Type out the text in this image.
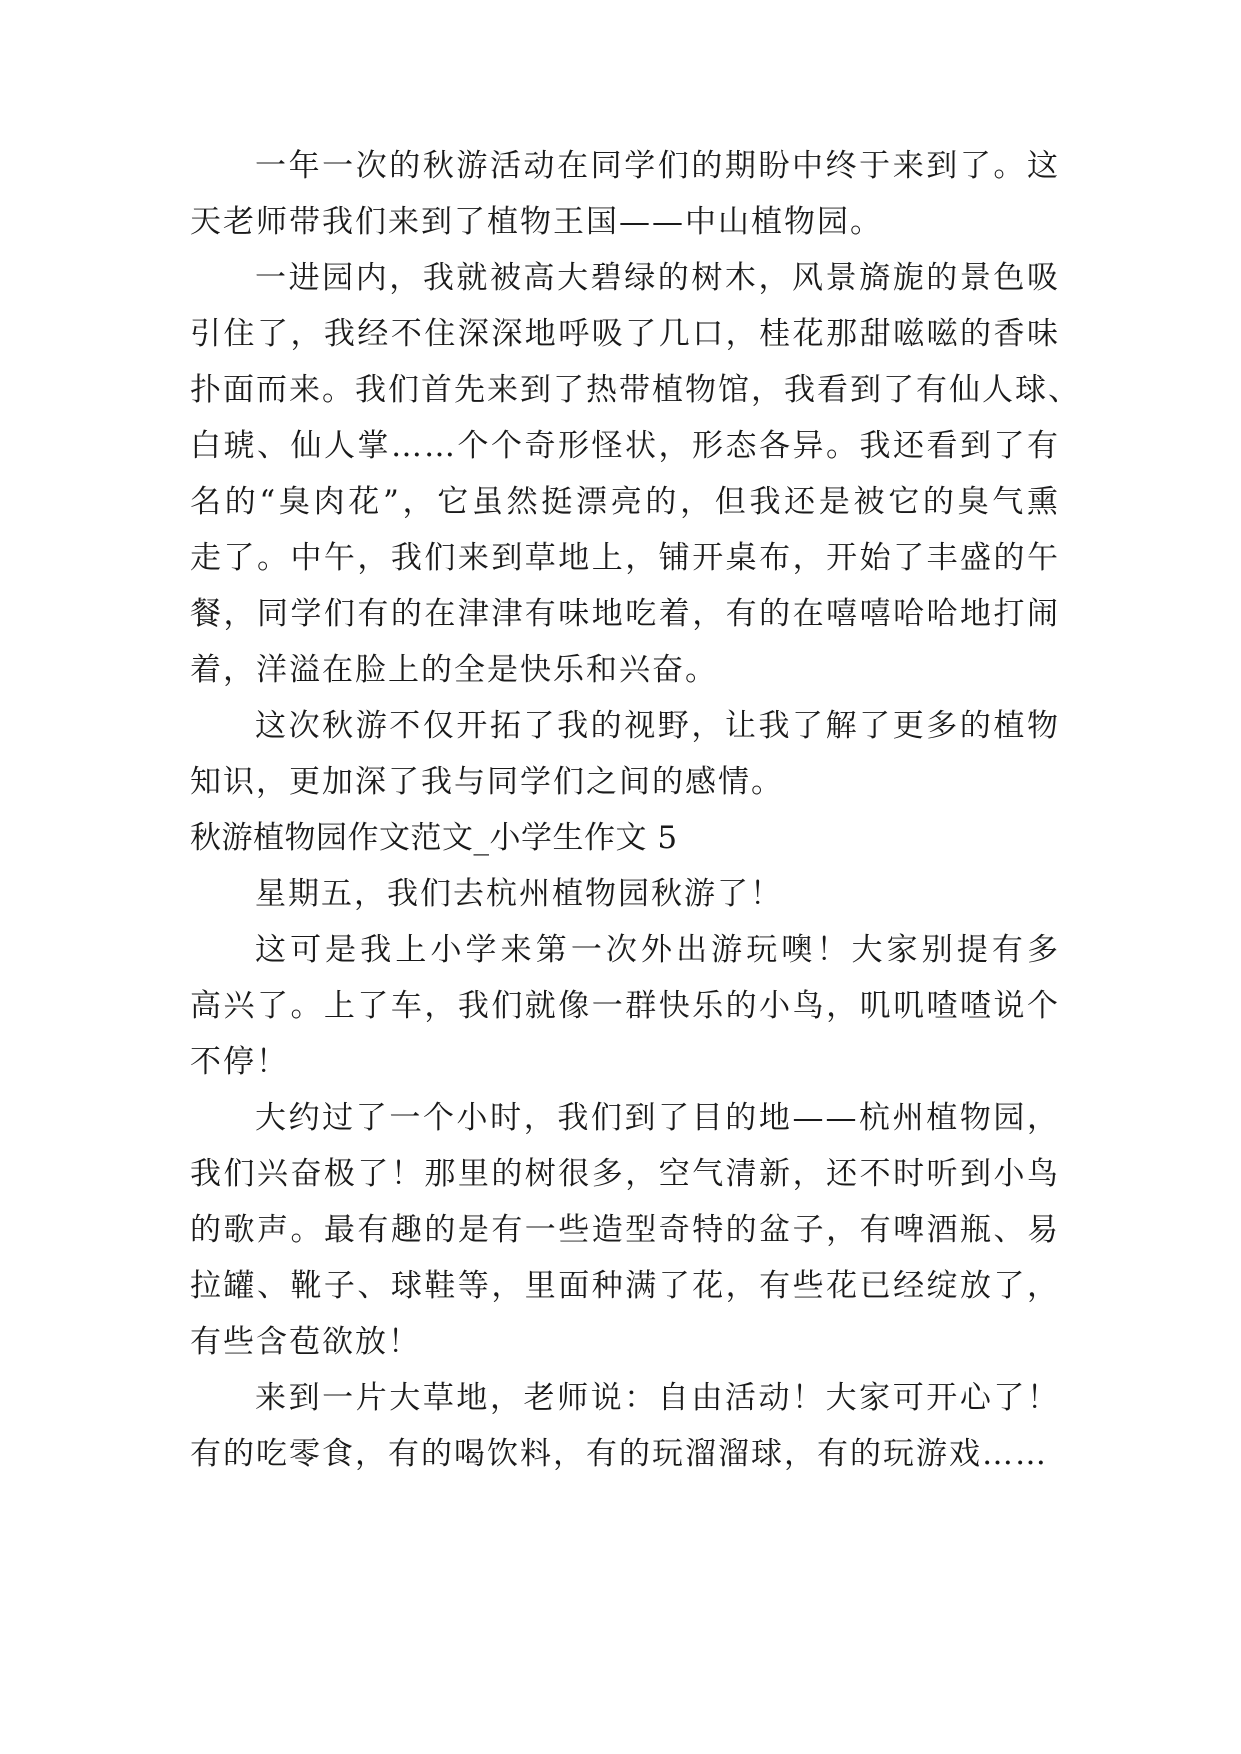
一年一次的秋游活动在同学们的期盼中终于来到了。这
天老师带我们来到了植物王国——中山植物园。
一进园内，我就被高大碧绿的树木，风景旖旎的景色吸
引住了，我经不住深深地呼吸了几口，桂花那甜嗞嗞的香味
扑面而来。我们首先来到了热带植物馆，我看到了有仙人球、
白琥、仙人掌……个个奇形怪状，形态各异。我还看到了有
名的“臭肉花”，它虽然挺漂亮的，但我还是被它的臭气熏
走了。中午，我们来到草地上，铺开桌布，开始了丰盛的午
餐，同学们有的在津津有味地吃着，有的在嘻嘻哈哈地打闹
着，洋溢在脸上的全是快乐和兴奋。
这次秋游不仅开拓了我的视野，让我了解了更多的植物
知识，更加深了我与同学们之间的感情。
秋游植物园作文范文_小学生作文 5
星期五，我们去杭州植物园秋游了！
这可是我上小学来第一次外出游玩噢！大家别提有多
高兴了。上了车，我们就像一群快乐的小鸟，叽叽喳喳说个
不停！
大约过了一个小时，我们到了目的地——杭州植物园，
我们兴奋极了！那里的树很多，空气清新，还不时听到小鸟
的歌声。最有趣的是有一些造型奇特的盆子，有啤酒瓶、易
拉罐、靴子、球鞋等，里面种满了花，有些花已经绽放了，
有些含苞欲放！
来到一片大草地，老师说：自由活动！大家可开心了！
有的吃零食，有的喝饮料，有的玩溜溜球，有的玩游戏……
